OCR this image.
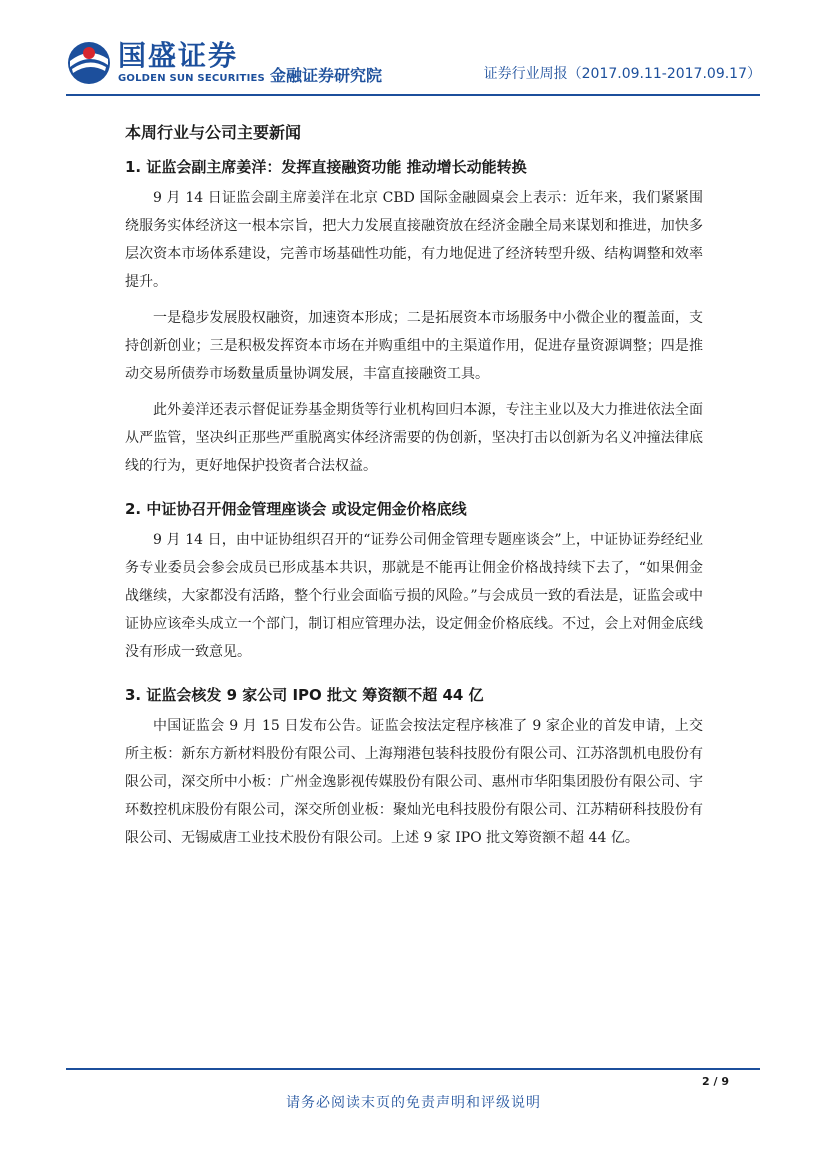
国盛证券
GOLDEN SUN SECURITIES 金融证券研究院	证券行业周报（2017.09.11-2017.09.17）
本周行业与公司主要新闻
1. 证监会副主席姜洋：发挥直接融资功能 推动增长动能转换

9 月 14 日证监会副主席姜洋在北京 CBD 国际金融圆桌会上表示：近年来，我们紧紧围绕服务实体经济这一根本宗旨，把大力发展直接融资放在经济金融全局来谋划和推进，加快多层次资本市场体系建设，完善市场基础性功能，有力地促进了经济转型升级、结构调整和效率提升。

一是稳步发展股权融资，加速资本形成；二是拓展资本市场服务中小微企业的覆盖面，支持创新创业；三是积极发挥资本市场在并购重组中的主渠道作用，促进存量资源调整；四是推动交易所债券市场数量质量协调发展，丰富直接融资工具。

此外姜洋还表示督促证券基金期货等行业机构回归本源，专注主业以及大力推进依法全面从严监管，坚决纠正那些严重脱离实体经济需要的伪创新，坚决打击以创新为名义冲撞法律底线的行为，更好地保护投资者合法权益。

2. 中证协召开佣金管理座谈会 或设定佣金价格底线

9 月 14 日，由中证协组织召开的“证券公司佣金管理专题座谈会”上，中证协证券经纪业务专业委员会参会成员已形成基本共识，那就是不能再让佣金价格战持续下去了，“如果佣金战继续，大家都没有活路，整个行业会面临亏损的风险。”与会成员一致的看法是，证监会或中证协应该牵头成立一个部门，制订相应管理办法，设定佣金价格底线。不过，会上对佣金底线没有形成一致意见。

3. 证监会核发 9 家公司 IPO 批文 筹资额不超 44 亿

中国证监会 9 月 15 日发布公告。证监会按法定程序核准了 9 家企业的首发申请，上交所主板：新东方新材料股份有限公司、上海翔港包装科技股份有限公司、江苏洛凯机电股份有限公司，深交所中小板：广州金逸影视传媒股份有限公司、惠州市华阳集团股份有限公司、宇环数控机床股份有限公司，深交所创业板：聚灿光电科技股份有限公司、江苏精研科技股份有限公司、无锡威唐工业技术股份有限公司。上述 9 家 IPO 批文筹资额不超 44 亿。

2 / 9
请务必阅读末页的免责声明和评级说明
